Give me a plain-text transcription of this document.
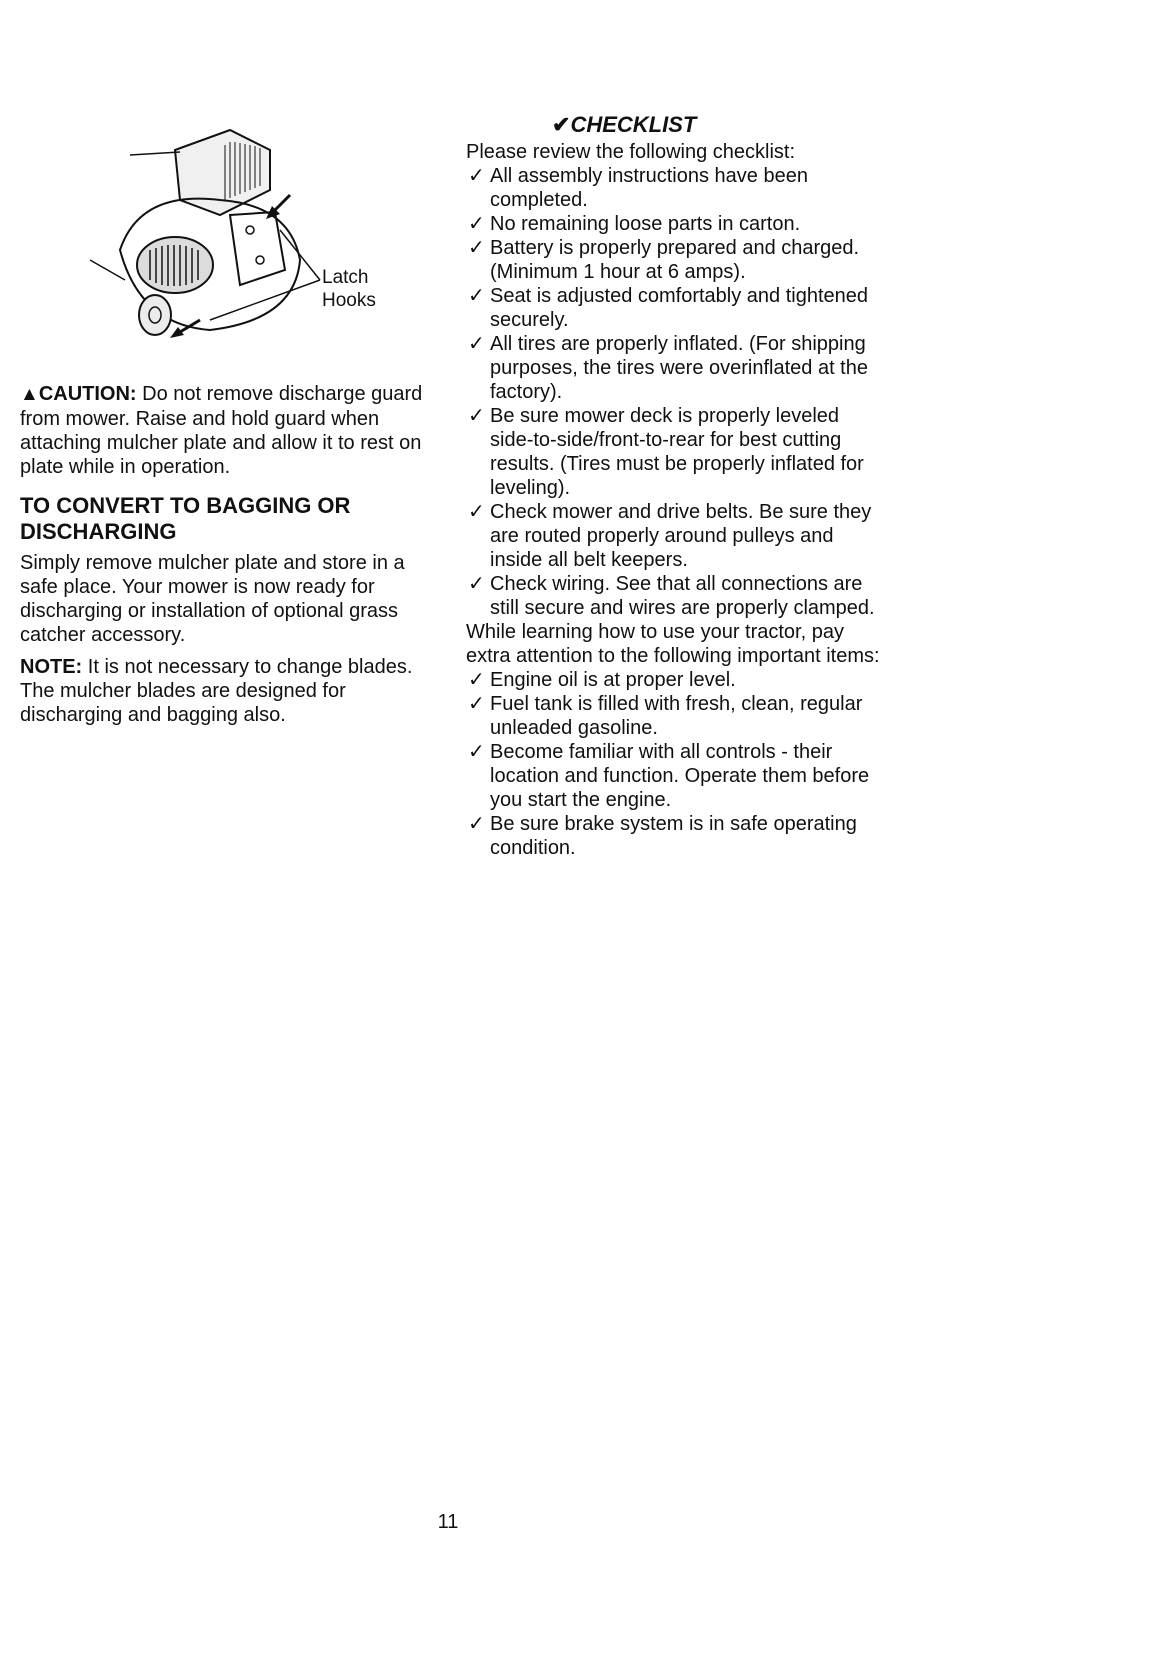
Latch
Hooks

▲CAUTION: Do not remove discharge guard from mower. Raise and hold guard when attaching mulcher plate and allow it to rest on plate while in operation.

TO CONVERT TO BAGGING OR DISCHARGING

Simply remove mulcher plate and store in a safe place. Your mower is now ready for discharging or installation of optional grass catcher accessory.

NOTE: It is not necessary to change blades. The mulcher blades are designed for discharging and bagging also.

✔CHECKLIST

Please review the following checklist:

✓ All assembly instructions have been completed.
✓ No remaining loose parts in carton.
✓ Battery is properly prepared and charged. (Minimum 1 hour at 6 amps).
✓ Seat is adjusted comfortably and tightened securely.
✓ All tires are properly inflated. (For shipping purposes, the tires were overinflated at the factory).
✓ Be sure mower deck is properly leveled side-to-side/front-to-rear for best cutting results. (Tires must be properly inflated for leveling).
✓ Check mower and drive belts. Be sure they are routed properly around pulleys and inside all belt keepers.
✓ Check wiring. See that all connections are still secure and wires are properly clamped.

While learning how to use your tractor, pay extra attention to the following important items:

✓ Engine oil is at proper level.
✓ Fuel tank is filled with fresh, clean, regular unleaded gasoline.
✓ Become familiar with all controls - their location and function. Operate them before you start the engine.
✓ Be sure brake system is in safe operating condition.
11
